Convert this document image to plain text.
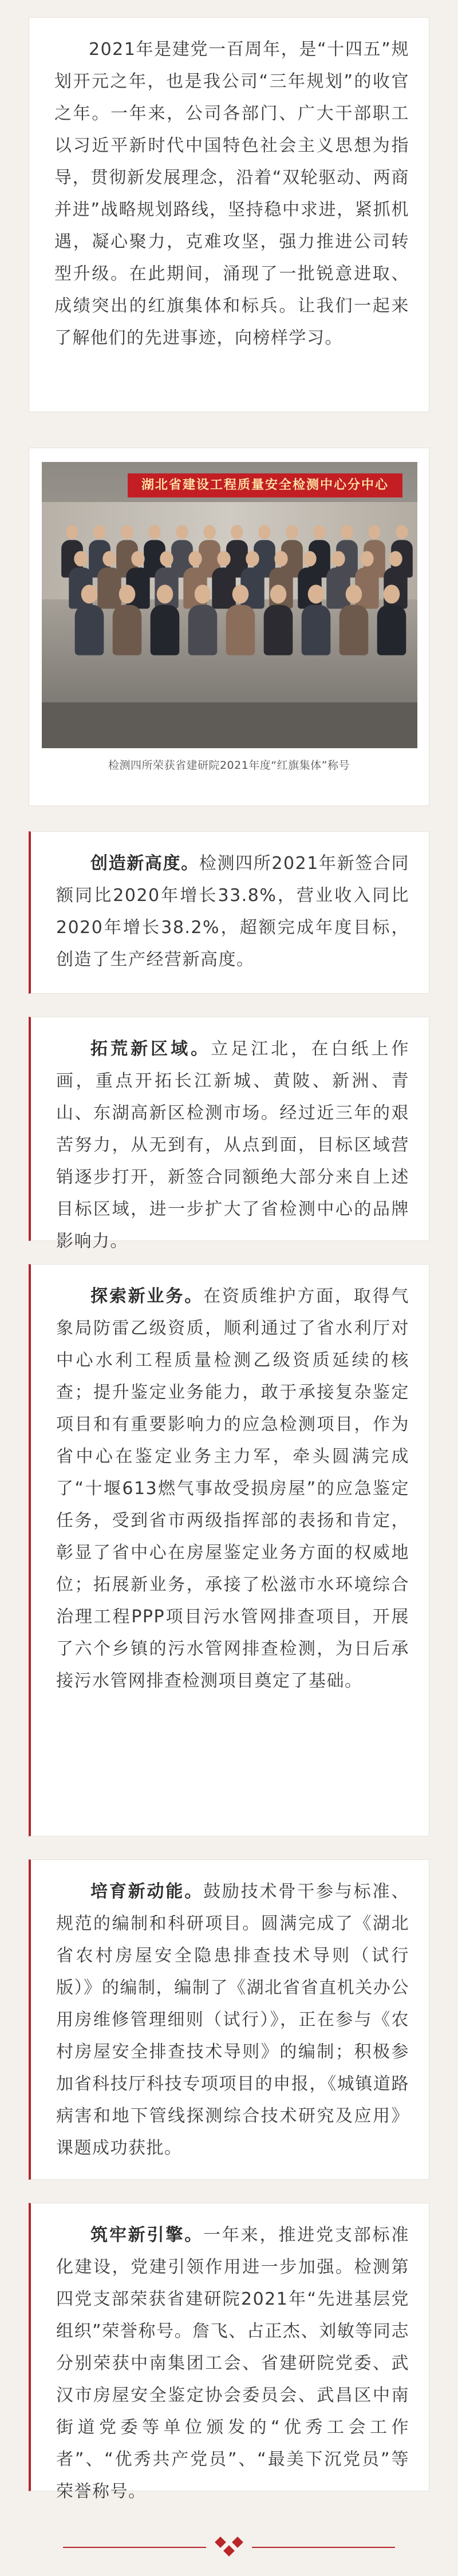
2021年是建党一百周年，是“十四五”规划开元之年，也是我公司“三年规划”的收官之年。一年来，公司各部门、广大干部职工以习近平新时代中国特色社会主义思想为指导，贯彻新发展理念，沿着“双轮驱动、两商并进”战略规划路线，坚持稳中求进，紧抓机遇，凝心聚力，克难攻坚，强力推进公司转型升级。在此期间，涌现了一批锐意进取、成绩突出的红旗集体和标兵。让我们一起来了解他们的先进事迹，向榜样学习。

湖北省建设工程质量安全检测中心分中心
检测四所荣获省建研院2021年度“红旗集体”称号

创造新高度。检测四所2021年新签合同额同比2020年增长33.8%，营业收入同比2020年增长38.2%，超额完成年度目标，创造了生产经营新高度。

拓荒新区域。立足江北，在白纸上作画，重点开拓长江新城、黄陂、新洲、青山、东湖高新区检测市场。经过近三年的艰苦努力，从无到有，从点到面，目标区域营销逐步打开，新签合同额绝大部分来自上述目标区域，进一步扩大了省检测中心的品牌影响力。

探索新业务。在资质维护方面，取得气象局防雷乙级资质，顺利通过了省水利厅对中心水利工程质量检测乙级资质延续的核查；提升鉴定业务能力，敢于承接复杂鉴定项目和有重要影响力的应急检测项目，作为省中心在鉴定业务主力军，牵头圆满完成了“十堰613燃气事故受损房屋”的应急鉴定任务，受到省市两级指挥部的表扬和肯定，彰显了省中心在房屋鉴定业务方面的权威地位；拓展新业务，承接了松滋市水环境综合治理工程PPP项目污水管网排查项目，开展了六个乡镇的污水管网排查检测，为日后承接污水管网排查检测项目奠定了基础。

培育新动能。鼓励技术骨干参与标准、规范的编制和科研项目。圆满完成了《湖北省农村房屋安全隐患排查技术导则（试行版）》的编制，编制了《湖北省省直机关办公用房维修管理细则（试行）》，正在参与《农村房屋安全排查技术导则》的编制；积极参加省科技厅科技专项项目的申报，《城镇道路病害和地下管线探测综合技术研究及应用》课题成功获批。

筑牢新引擎。一年来，推进党支部标准化建设，党建引领作用进一步加强。检测第四党支部荣获省建研院2021年“先进基层党组织”荣誉称号。詹飞、占正杰、刘敏等同志分别荣获中南集团工会、省建研院党委、武汉市房屋安全鉴定协会委员会、武昌区中南街道党委等单位颁发的“优秀工会工作者”、“优秀共产党员”、“最美下沉党员”等荣誉称号。
